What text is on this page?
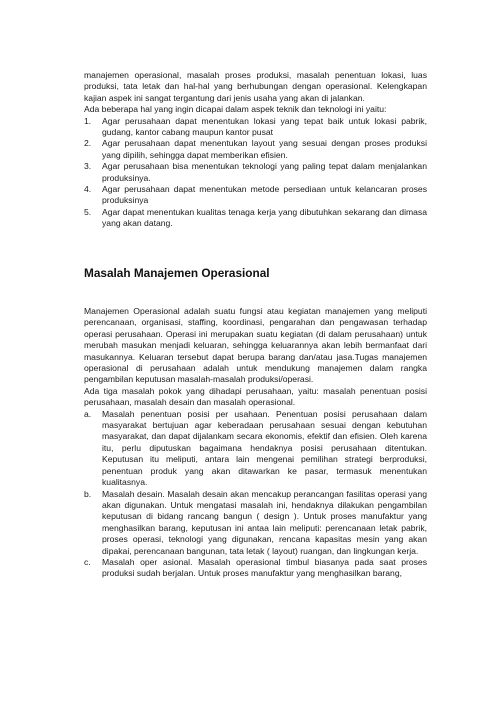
manajemen operasional, masalah proses produksi, masalah penentuan lokasi, luas produksi, tata letak dan hal-hal yang berhubungan dengan operasional. Kelengkapan kajian aspek ini sangat tergantung dari jenis usaha yang akan di jalankan.

Ada beberapa hal yang ingin dicapai dalam aspek teknik dan teknologi ini yaitu:

1. Agar perusahaan dapat menentukan lokasi yang tepat baik untuk lokasi pabrik, gudang, kantor cabang maupun kantor pusat
2. Agar perusahaan dapat menentukan layout yang sesuai dengan proses produksi yang dipilih, sehingga dapat memberikan efisien.
3. Agar perusahaan bisa menentukan teknologi yang paling tepat dalam menjalankan produksinya.
4. Agar perusahaan dapat menentukan metode persediaan untuk kelancaran proses produksinya
5. Agar dapat menentukan kualitas tenaga kerja yang dibutuhkan sekarang dan dimasa yang akan datang.
Masalah Manajemen Operasional

Manajemen Operasional adalah suatu fungsi atau kegiatan manajemen yang meliputi perencanaan, organisasi, staffing, koordinasi, pengarahan dan pengawasan terhadap operasi perusahaan. Operasi ini merupakan suatu kegiatan (di dalam perusahaan) untuk merubah masukan menjadi keluaran, sehingga keluarannya akan lebih bermanfaat dari masukannya. Keluaran tersebut dapat berupa barang dan/atau jasa.Tugas manajemen operasional di perusahaan adalah untuk mendukung manajemen dalam rangka pengambilan keputusan masalah-masalah produksi/operasi.

Ada tiga masalah pokok yang dihadapi perusahaan, yaitu: masalah penentuan posisi perusahaan, masalah desain dan masalah operasional.

a. Masalah penentuan posisi per usahaan. Penentuan posisi perusahaan dalam masyarakat bertujuan agar keberadaan perusahaan sesuai dengan kebutuhan masyarakat, dan dapat dijalankam secara ekonomis, efektif dan efisien. Oleh karena itu, perlu diputuskan bagaimana hendaknya posisi perusahaan ditentukan. Keputusan itu meliputi, antara lain mengenai pemilihan strategi berproduksi, penentuan produk yang akan ditawarkan ke pasar, termasuk menentukan kualitasnya.
b. Masalah desain. Masalah desain akan mencakup perancangan fasilitas operasi yang akan digunakan. Untuk mengatasi masalah ini, hendaknya dilakukan pengambilan keputusan di bidang rancang bangun ( design ). Untuk proses manufaktur yang menghasilkan barang, keputusan ini antaa lain meliputi: perencanaan letak pabrik, proses operasi, teknologi yang digunakan, rencana kapasitas mesin yang akan dipakai, perencanaan bangunan, tata letak ( layout) ruangan, dan lingkungan kerja.
c. Masalah oper asional. Masalah operasional timbul biasanya pada saat proses produksi sudah berjalan. Untuk proses manufaktur yang menghasilkan barang,
